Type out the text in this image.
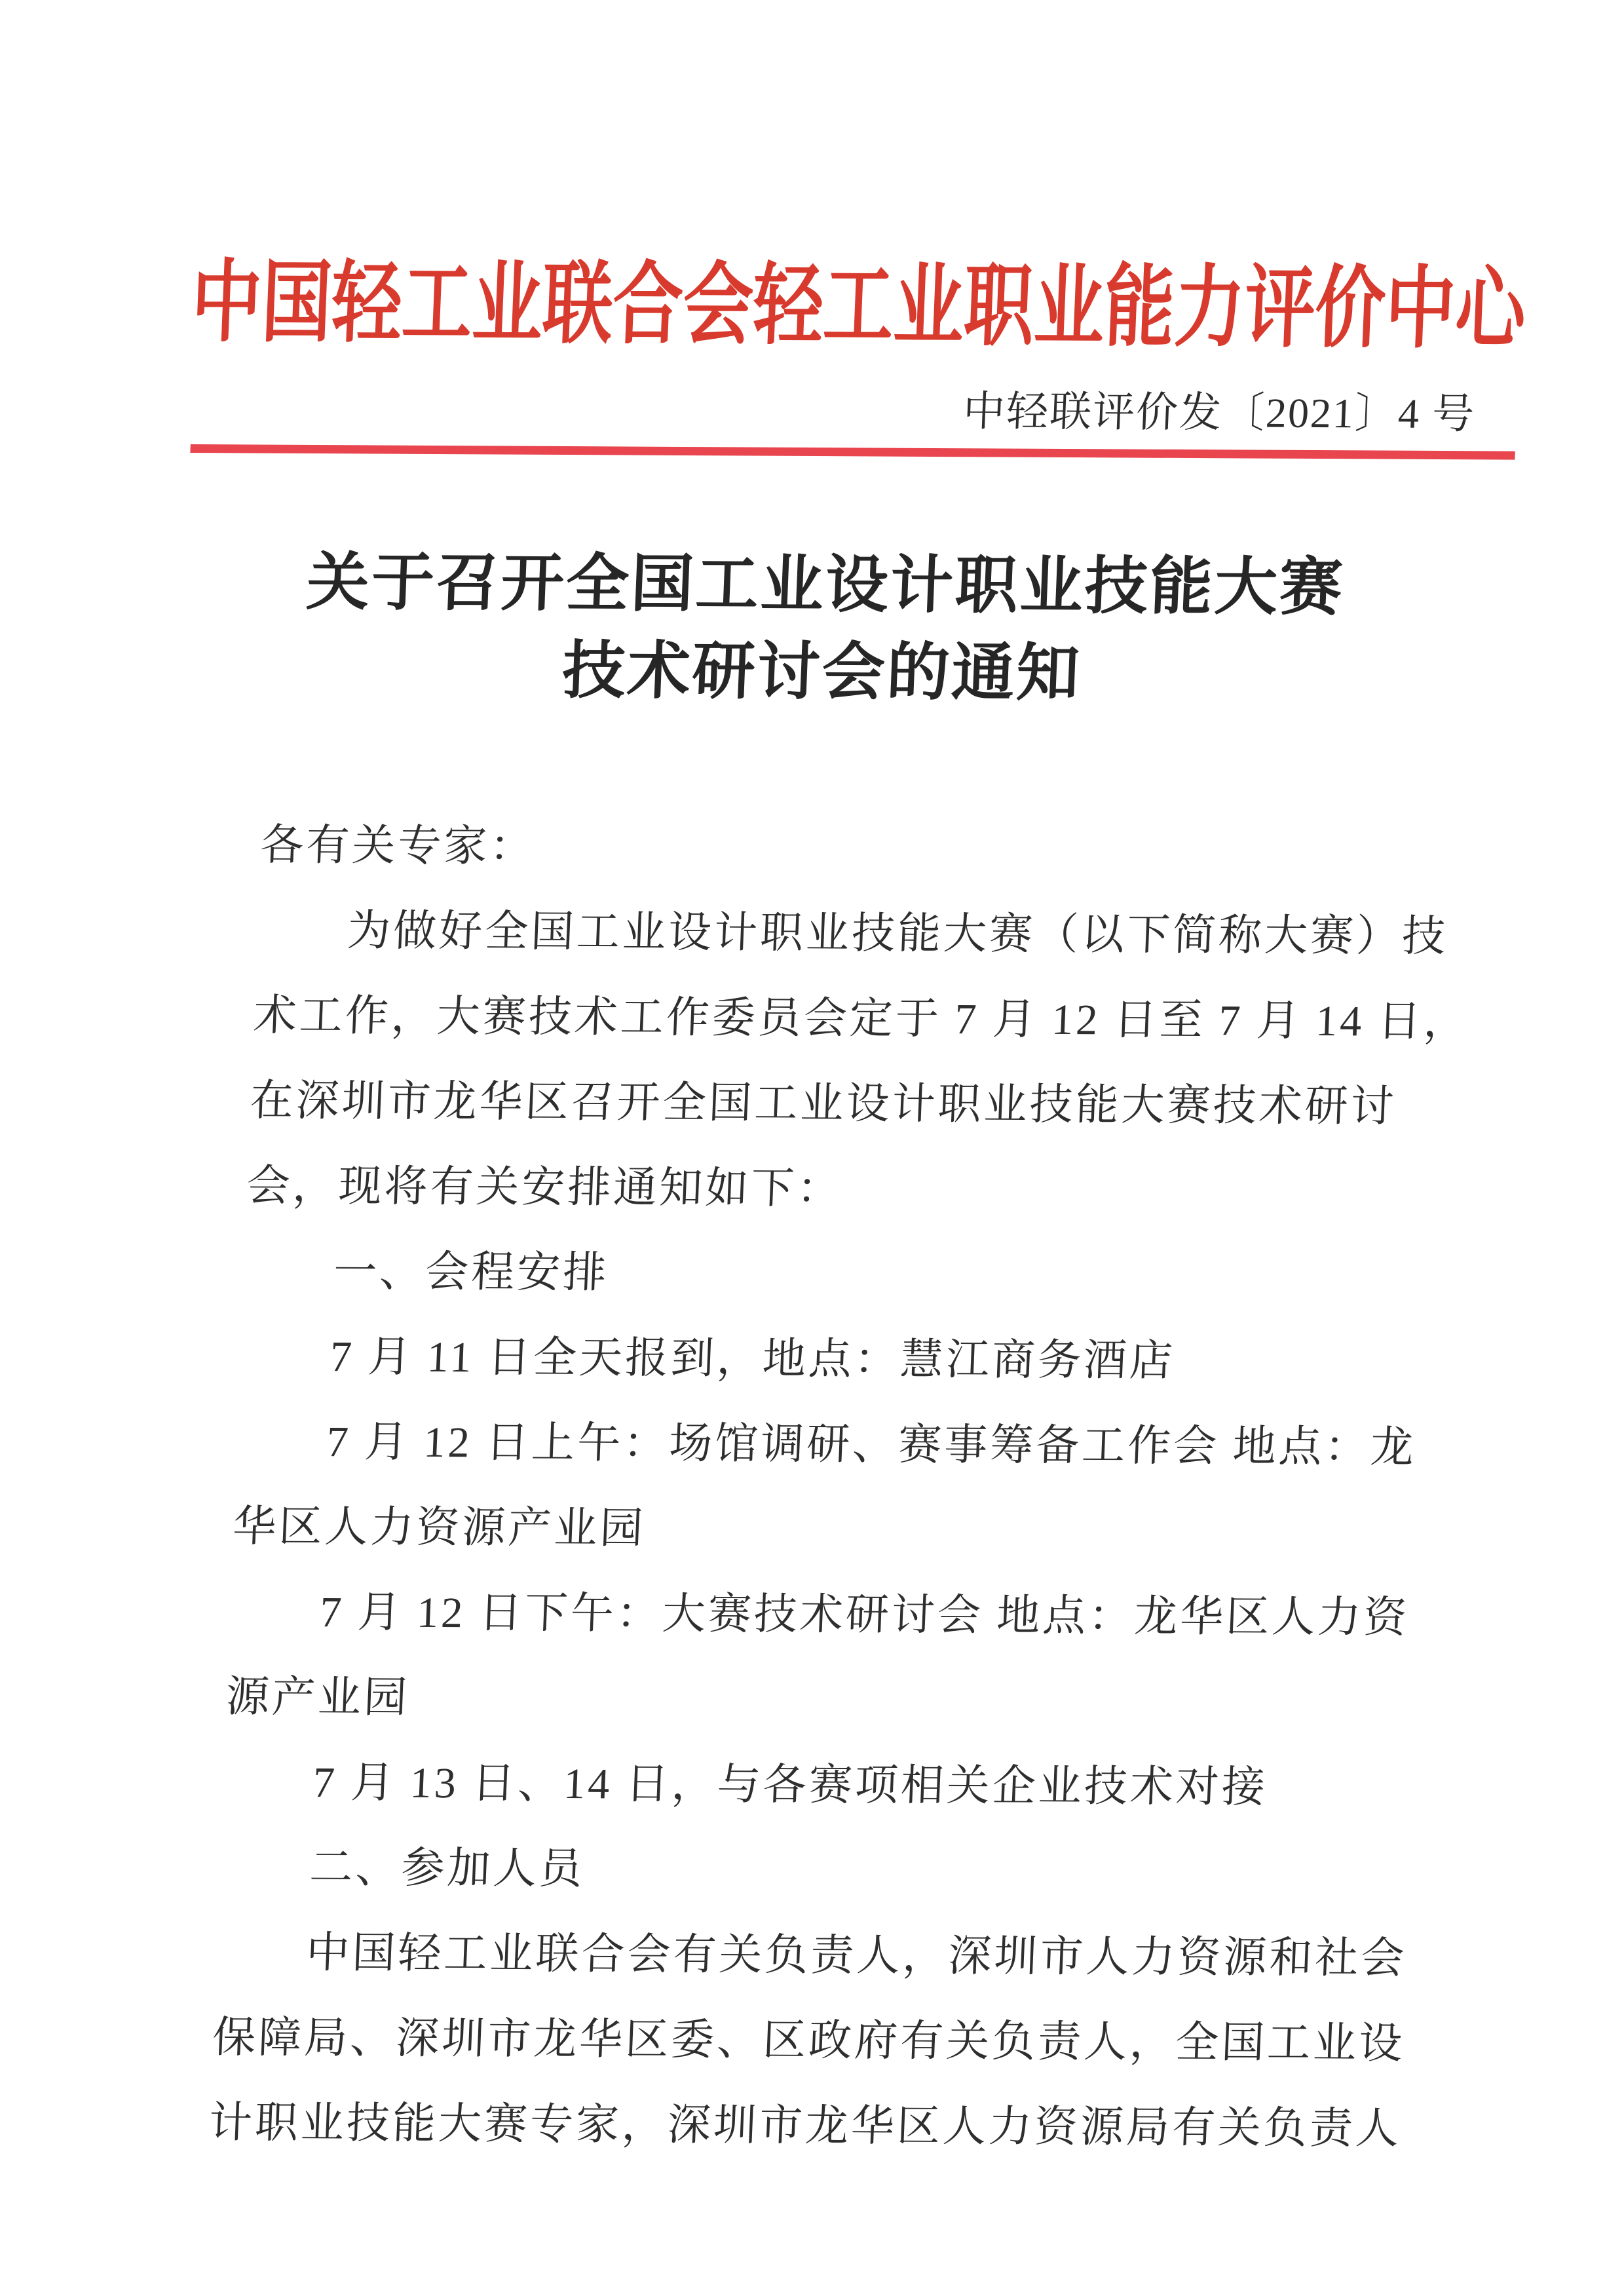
中国轻工业联合会轻工业职业能力评价中心
中轻联评价发〔2021〕4 号
关于召开全国工业设计职业技能大赛
技术研讨会的通知
各有关专家：
为做好全国工业设计职业技能大赛（以下简称大赛）技
术工作，大赛技术工作委员会定于 7 月 12 日至 7 月 14 日，
在深圳市龙华区召开全国工业设计职业技能大赛技术研讨
会，现将有关安排通知如下：
一、会程安排
7 月 11 日全天报到，地点：慧江商务酒店
7 月 12 日上午：场馆调研、赛事筹备工作会 地点：龙
华区人力资源产业园
7 月 12 日下午：大赛技术研讨会 地点：龙华区人力资
源产业园
7 月 13 日、14 日，与各赛项相关企业技术对接
二、参加人员
中国轻工业联合会有关负责人，深圳市人力资源和社会
保障局、深圳市龙华区委、区政府有关负责人，全国工业设
计职业技能大赛专家，深圳市龙华区人力资源局有关负责人
